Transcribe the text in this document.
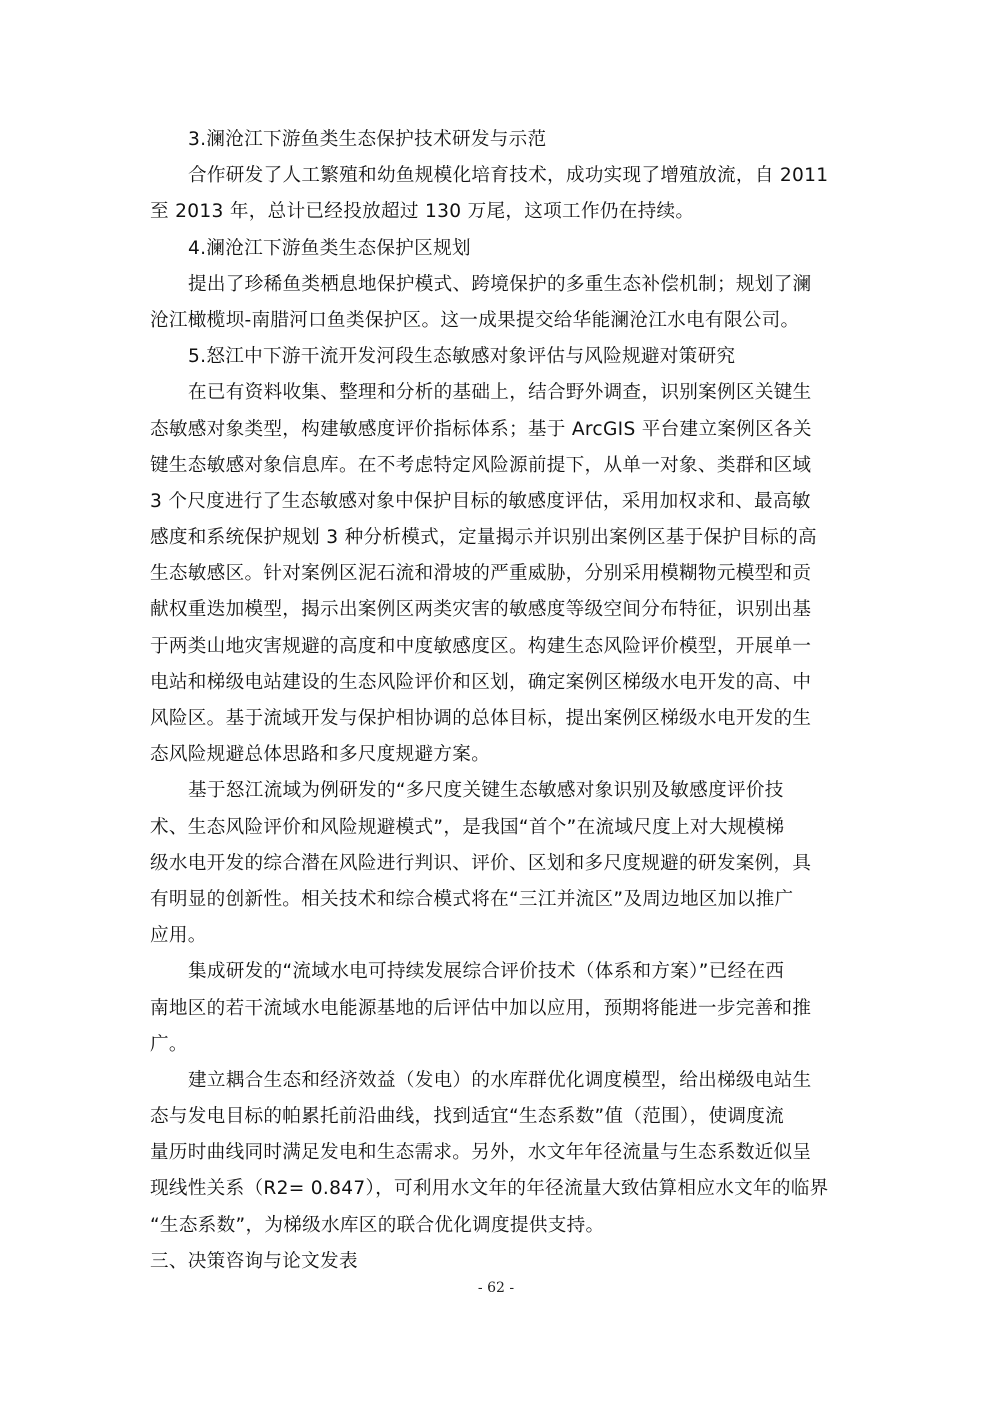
3.澜沧江下游鱼类生态保护技术研发与示范
合作研发了人工繁殖和幼鱼规模化培育技术，成功实现了增殖放流，自 2011
至 2013 年，总计已经投放超过 130 万尾，这项工作仍在持续。
4.澜沧江下游鱼类生态保护区规划
提出了珍稀鱼类栖息地保护模式、跨境保护的多重生态补偿机制；规划了澜
沧江橄榄坝-南腊河口鱼类保护区。这一成果提交给华能澜沧江水电有限公司。
5.怒江中下游干流开发河段生态敏感对象评估与风险规避对策研究
在已有资料收集、整理和分析的基础上，结合野外调查，识别案例区关键生
态敏感对象类型，构建敏感度评价指标体系；基于 ArcGIS 平台建立案例区各关
键生态敏感对象信息库。在不考虑特定风险源前提下，从单一对象、类群和区域
3 个尺度进行了生态敏感对象中保护目标的敏感度评估，采用加权求和、最高敏
感度和系统保护规划 3 种分析模式，定量揭示并识别出案例区基于保护目标的高
生态敏感区。针对案例区泥石流和滑坡的严重威胁，分别采用模糊物元模型和贡
献权重迭加模型，揭示出案例区两类灾害的敏感度等级空间分布特征，识别出基
于两类山地灾害规避的高度和中度敏感度区。构建生态风险评价模型，开展单一
电站和梯级电站建设的生态风险评价和区划，确定案例区梯级水电开发的高、中
风险区。基于流域开发与保护相协调的总体目标，提出案例区梯级水电开发的生
态风险规避总体思路和多尺度规避方案。
基于怒江流域为例研发的“多尺度关键生态敏感对象识别及敏感度评价技
术、生态风险评价和风险规避模式”，是我国“首个”在流域尺度上对大规模梯
级水电开发的综合潜在风险进行判识、评价、区划和多尺度规避的研发案例，具
有明显的创新性。相关技术和综合模式将在“三江并流区”及周边地区加以推广
应用。
集成研发的“流域水电可持续发展综合评价技术（体系和方案）”已经在西
南地区的若干流域水电能源基地的后评估中加以应用，预期将能进一步完善和推
广。
建立耦合生态和经济效益（发电）的水库群优化调度模型，给出梯级电站生
态与发电目标的帕累托前沿曲线，找到适宜“生态系数”值（范围），使调度流
量历时曲线同时满足发电和生态需求。另外，水文年年径流量与生态系数近似呈
现线性关系（R2= 0.847），可利用水文年的年径流量大致估算相应水文年的临界
“生态系数”，为梯级水库区的联合优化调度提供支持。
三、决策咨询与论文发表
- 62 -
